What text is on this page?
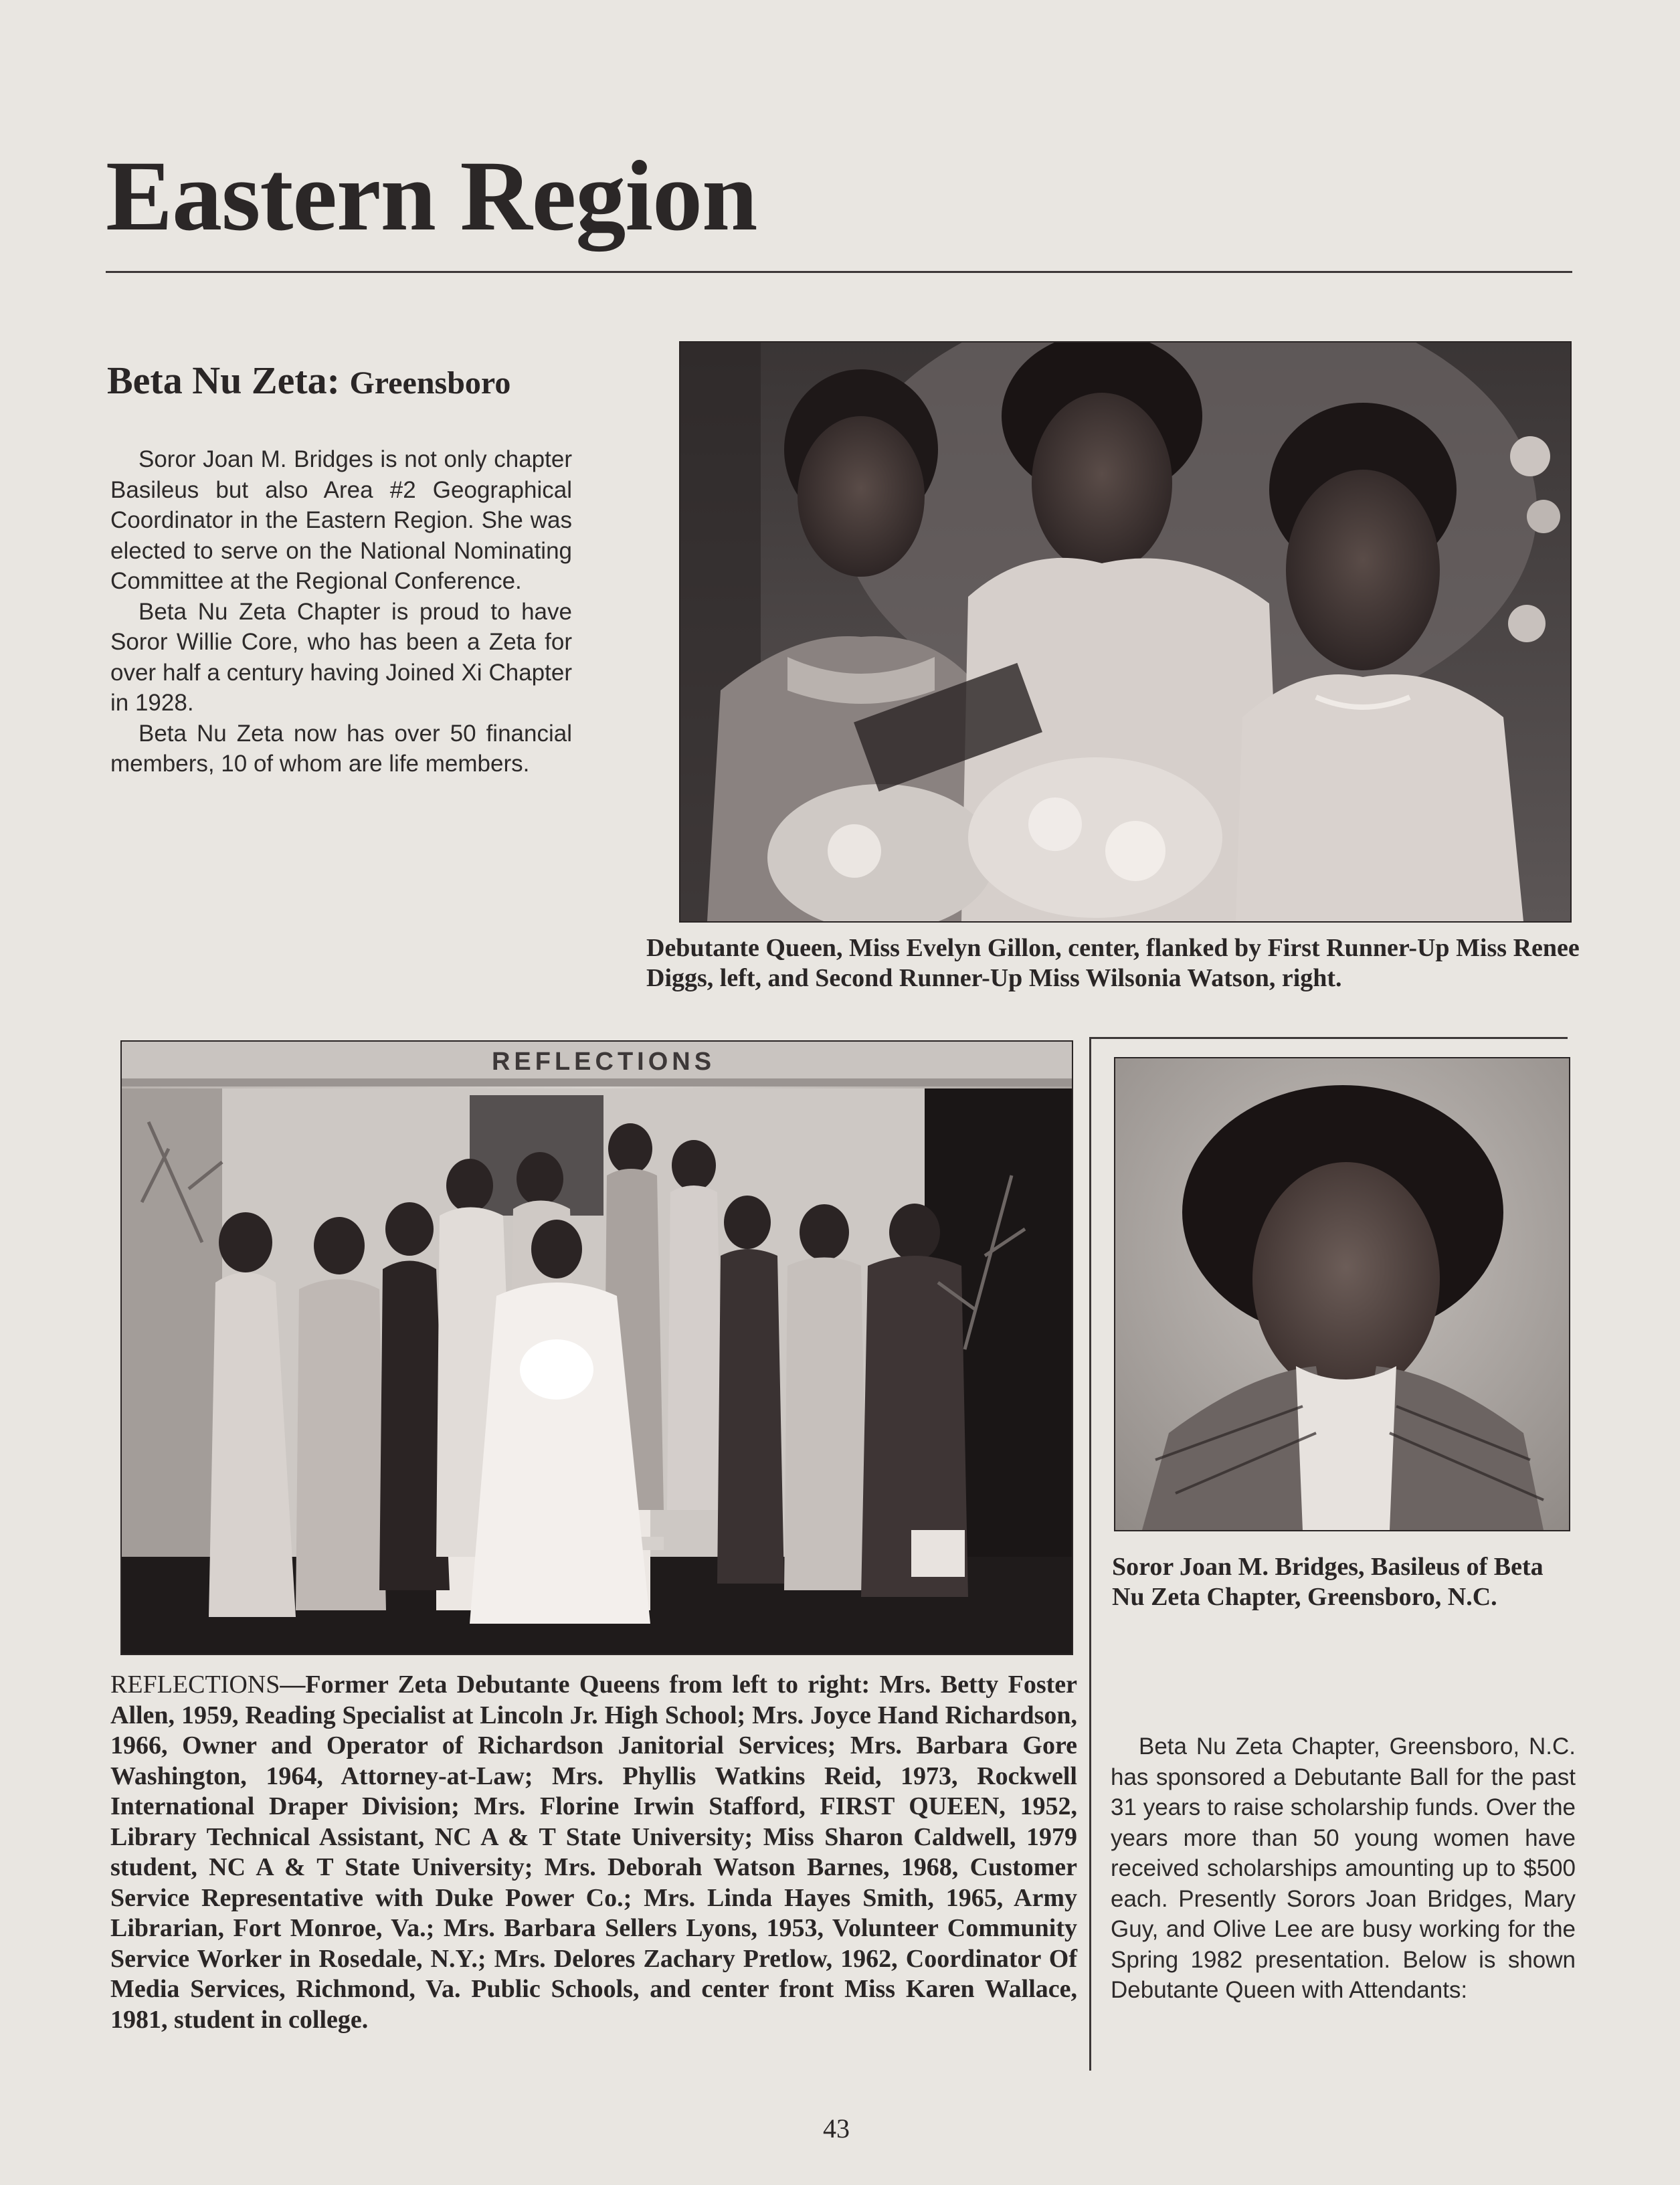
Eastern Region
Beta Nu Zeta: Greensboro

Soror Joan M. Bridges is not only chapter Basileus but also Area #2 Geographical Coordinator in the Eastern Region. She was elected to serve on the National Nominating Committee at the Regional Conference.

Beta Nu Zeta Chapter is proud to have Soror Willie Core, who has been a Zeta for over half a century having Joined Xi Chapter in 1928.

Beta Nu Zeta now has over 50 financial members, 10 of whom are life members.

Debutante Queen, Miss Evelyn Gillon, center, flanked by First Runner-Up Miss Renee Diggs, left, and Second Runner-Up Miss Wilsonia Watson, right.
REFLECTIONS
REFLECTIONS—Former Zeta Debutante Queens from left to right: Mrs. Betty Foster Allen, 1959, Reading Specialist at Lincoln Jr. High School; Mrs. Joyce Hand Richardson, 1966, Owner and Operator of Richardson Janitorial Services; Mrs. Barbara Gore Washington, 1964, Attorney-at-Law; Mrs. Phyllis Watkins Reid, 1973, Rockwell International Draper Division; Mrs. Florine Irwin Stafford, FIRST QUEEN, 1952, Library Technical Assistant, NC A & T State University; Miss Sharon Caldwell, 1979 student, NC A & T State University; Mrs. Deborah Watson Barnes, 1968, Customer Service Representative with Duke Power Co.; Mrs. Linda Hayes Smith, 1965, Army Librarian, Fort Monroe, Va.; Mrs. Barbara Sellers Lyons, 1953, Volunteer Community Service Worker in Rosedale, N.Y.; Mrs. Delores Zachary Pretlow, 1962, Coordinator Of Media Services, Richmond, Va. Public Schools, and center front Miss Karen Wallace, 1981, student in college.
Soror Joan M. Bridges, Basileus of Beta Nu Zeta Chapter, Greensboro, N.C.

Beta Nu Zeta Chapter, Greensboro, N.C. has sponsored a Debutante Ball for the past 31 years to raise scholarship funds. Over the years more than 50 young women have received scholarships amounting up to $500 each. Presently Sorors Joan Bridges, Mary Guy, and Olive Lee are busy working for the Spring 1982 presentation. Below is shown Debutante Queen with Attendants:

43
